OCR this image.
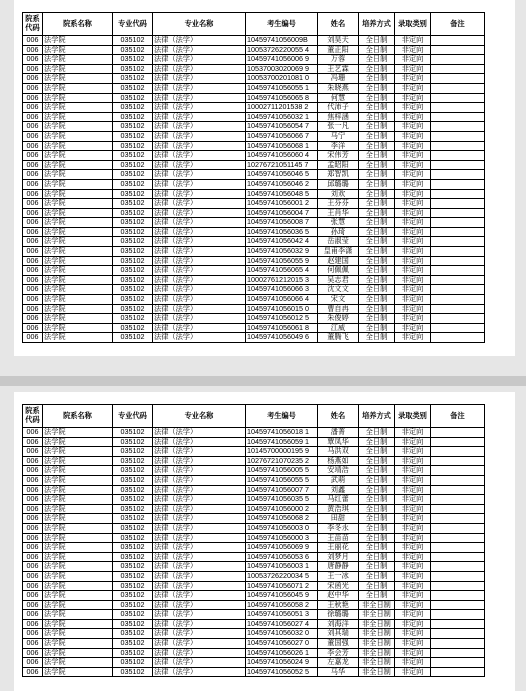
院系代码	院系名称	专业代码	专业名称	考生编号	姓名	培养方式	录取类别	备注
006	法学院	035102	法律（法学）	10459741056009B	刘昊天	全日制	非定向	
006	法学院	035102	法律（法学）	10053726220055 4	董正阳	全日制	非定向	
006	法学院	035102	法律（法学）	10459741056006 9	万蓉	全日制	非定向	
006	法学院	035102	法律（法学）	10537003020069 9	王艺霖	全日制	非定向	
006	法学院	035102	法律（法学）	10053700201081 0	冯珊	全日制	非定向	
006	法学院	035102	法律（法学）	10459741056055 1	朱晓燕	全日制	非定向	
006	法学院	035102	法律（法学）	10459741056065 8	何慧	全日制	非定向	
006	法学院	035102	法律（法学）	10002711201538 2	代沛子	全日制	非定向	
006	法学院	035102	法律（法学）	10459741056032 1	焦梓涵	全日制	非定向	
006	法学院	035102	法律（法学）	10459741056054 7	张一凡	全日制	非定向	
006	法学院	035102	法律（法学）	10459741056066 7	马宁	全日制	非定向	
006	法学院	035102	法律（法学）	10459741056068 1	李洋	全日制	非定向	
006	法学院	035102	法律（法学）	10459741056060 4	宋伟芳	全日制	非定向	
006	法学院	035102	法律（法学）	10276721051145 7	孟昭阳	全日制	非定向	
006	法学院	035102	法律（法学）	10459741056046 5	郑智凯	全日制	非定向	
006	法学院	035102	法律（法学）	10459741056046 2	邱璐璐	全日制	非定向	
006	法学院	035102	法律（法学）	10459741056048 5	刘欢	全日制	非定向	
006	法学院	035102	法律（法学）	10459741056001 2	王芬芬	全日制	非定向	
006	法学院	035102	法律（法学）	10459741056004 7	王肖华	全日制	非定向	
006	法学院	035102	法律（法学）	10459741056008 7	张慧	全日制	非定向	
006	法学院	035102	法律（法学）	10459741056036 5	孙琦	全日制	非定向	
006	法学院	035102	法律（法学）	10459741056042 4	岳淑莹	全日制	非定向	
006	法学院	035102	法律（法学）	10459741056032 9	皇甫李潇	全日制	非定向	
006	法学院	035102	法律（法学）	10459741056055 9	赵建国	全日制	非定向	
006	法学院	035102	法律（法学）	10459741056065 4	何佩佩	全日制	非定向	
006	法学院	035102	法律（法学）	10002761212015 3	吴志君	全日制	非定向	
006	法学院	035102	法律（法学）	10459741056066 3	沈文文	全日制	非定向	
006	法学院	035102	法律（法学）	10459741056066 4	宋文	全日制	非定向	
006	法学院	035102	法律（法学）	10459741056015 0	曹自冉	全日制	非定向	
006	法学院	035102	法律（法学）	10459741056012 5	朱俊婷	全日制	非定向	
006	法学院	035102	法律（法学）	10459741056061 8	江威	全日制	非定向	
006	法学院	035102	法律（法学）	10459741056049 6	董腾飞	全日制	非定向	
院系代码	院系名称	专业代码	专业名称	考生编号	姓名	培养方式	录取类别	备注
006	法学院	035102	法律（法学）	10459741056018 1	潘菁	全日制	非定向	
006	法学院	035102	法律（法学）	10459741056059 1	覃凤华	全日制	非定向	
006	法学院	035102	法律（法学）	10145700000195 9	马洪双	全日制	非定向	
006	法学院	035102	法律（法学）	10276721070235 2	杨燕如	全日制	非定向	
006	法学院	035102	法律（法学）	10459741056005 5	安靖浩	全日制	非定向	
006	法学院	035102	法律（法学）	10459741056055 5	武萌	全日制	非定向	
006	法学院	035102	法律（法学）	10459741056007 7	刘鑫	全日制	非定向	
006	法学院	035102	法律（法学）	10459741056035 5	马红蕾	全日制	非定向	
006	法学院	035102	法律（法学）	10459741056000 2	黄浩琪	全日制	非定向	
006	法学院	035102	法律（法学）	10459741056068 2	田甜	全日制	非定向	
006	法学院	035102	法律（法学）	10459741056003 0	李冬永	全日制	非定向	
006	法学院	035102	法律（法学）	10459741056000 3	王苗苗	全日制	非定向	
006	法学院	035102	法律（法学）	10459741056069 9	王丽花	全日制	非定向	
006	法学院	035102	法律（法学）	10459741056053 6	刘梦月	全日制	非定向	
006	法学院	035102	法律（法学）	10459741056003 1	唐静静	全日制	非定向	
006	法学院	035102	法律（法学）	10053726220034 5	王一冰	全日制	非定向	
006	法学院	035102	法律（法学）	10459741056071 2	宋函光	全日制	非定向	
006	法学院	035102	法律（法学）	10459741056045 9	赵中华	全日制	非定向	
006	法学院	035102	法律（法学）	10459741056058 2	王秋艳	非全日制	非定向	
006	法学院	035102	法律（法学）	10459741056051 3	徐璐璐	非全日制	非定向	
006	法学院	035102	法律（法学）	10459741056027 4	刘海洋	非全日制	非定向	
006	法学院	035102	法律（法学）	10459741056032 0	刘其瑞	非全日制	非定向	
006	法学院	035102	法律（法学）	10459741056027 0	董国强	非全日制	非定向	
006	法学院	035102	法律（法学）	10459741056026 1	李会芳	非全日制	非定向	
006	法学院	035102	法律（法学）	10459741056024 9	左嘉龙	非全日制	非定向	
006	法学院	035102	法律（法学）	10459741056052 5	马华	非全日制	非定向	
